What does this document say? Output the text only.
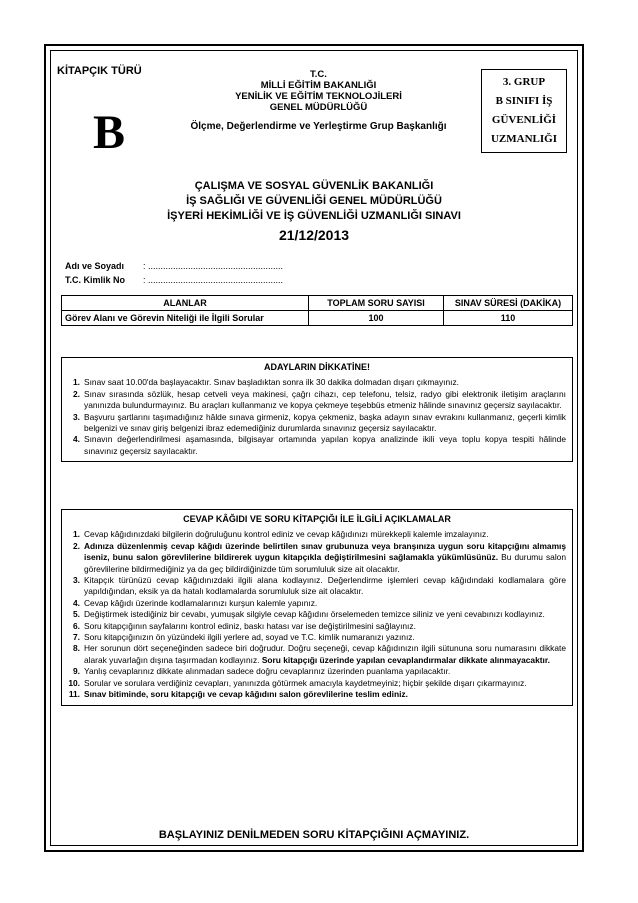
KİTAPÇIK TÜRÜ
B
T.C.
MİLLİ EĞİTİM BAKANLIĞI
YENİLİK VE EĞİTİM TEKNOLOJİLERİ
GENEL MÜDÜRLÜĞÜ
Ölçme, Değerlendirme ve Yerleştirme Grup Başkanlığı
3. GRUP
B SINIFI İŞ
GÜVENLİĞİ
UZMANLIĞI
ÇALIŞMA VE SOSYAL GÜVENLİK BAKANLIĞI
İŞ SAĞLIĞI VE GÜVENLİĞİ GENEL MÜDÜRLÜĞÜ
İŞYERİ HEKİMLİĞİ VE İŞ GÜVENLİĞİ UZMANLIĞI SINAVI
21/12/2013
Adı ve Soyadı	: ......................................................
T.C. Kimlik No	: ......................................................
ALANLAR	TOPLAM SORU SAYISI	SINAV SÜRESİ (DAKİKA)
Görev Alanı ve Görevin Niteliği ile İlgili Sorular	100	110
ADAYLARIN DİKKATİNE!
1. Sınav saat 10.00'da başlayacaktır. Sınav başladıktan sonra ilk 30 dakika dolmadan dışarı çıkmayınız.
2. Sınav sırasında sözlük, hesap cetveli veya makinesi, çağrı cihazı, cep telefonu, telsiz, radyo gibi elektronik iletişim araçlarını yanınızda bulundurmayınız. Bu araçları kullanmanız ve kopya çekmeye teşebbüs etmeniz hâlinde sınavınız geçersiz sayılacaktır.
3. Başvuru şartlarını taşımadığınız hâlde sınava girmeniz, kopya çekmeniz, başka adayın sınav evrakını kullanmanız, geçerli kimlik belgenizi ve sınav giriş belgenizi ibraz edemediğiniz durumlarda sınavınız geçersiz sayılacaktır.
4. Sınavın değerlendirilmesi aşamasında, bilgisayar ortamında yapılan kopya analizinde ikili veya toplu kopya tespiti hâlinde sınavınız geçersiz sayılacaktır.
CEVAP KÂĞIDI VE SORU KİTAPÇIĞI İLE İLGİLİ AÇIKLAMALAR
1. Cevap kâğıdınızdaki bilgilerin doğruluğunu kontrol ediniz ve cevap kâğıdınızı mürekkepli kalemle imzalayınız.
2. Adınıza düzenlenmiş cevap kâğıdı üzerinde belirtilen sınav grubunuza veya branşınıza uygun soru kitapçığını almamış iseniz, bunu salon görevlilerine bildirerek uygun kitapçıkla değiştirilmesini sağlamakla yükümlüsünüz. Bu durumu salon görevlilerine bildirmediğiniz ya da geç bildirdiğinizde tüm sorumluluk size ait olacaktır.
3. Kitapçık türünüzü cevap kâğıdınızdaki ilgili alana kodlayınız. Değerlendirme işlemleri cevap kâğıdındaki kodlamalara göre yapıldığından, eksik ya da hatalı kodlamalarda sorumluluk size ait olacaktır.
4. Cevap kâğıdı üzerinde kodlamalarınızı kurşun kalemle yapınız.
5. Değiştirmek istediğiniz bir cevabı, yumuşak silgiyle cevap kâğıdını örselemeden temizce siliniz ve yeni cevabınızı kodlayınız.
6. Soru kitapçığının sayfalarını kontrol ediniz, baskı hatası var ise değiştirilmesini sağlayınız.
7. Soru kitapçığınızın ön yüzündeki ilgili yerlere ad, soyad ve T.C. kimlik numaranızı yazınız.
8. Her sorunun dört seçeneğinden sadece biri doğrudur. Doğru seçeneği, cevap kâğıdınızın ilgili sütununa soru numarasını dikkate alarak yuvarlağın dışına taşırmadan kodlayınız. Soru kitapçığı üzerinde yapılan cevaplandırmalar dikkate alınmayacaktır.
9. Yanlış cevaplarınız dikkate alınmadan sadece doğru cevaplarınız üzerinden puanlama yapılacaktır.
10. Sorular ve sorulara verdiğiniz cevapları, yanınızda götürmek amacıyla kaydetmeyiniz; hiçbir şekilde dışarı çıkarmayınız.
11. Sınav bitiminde, soru kitapçığı ve cevap kâğıdını salon görevlilerine teslim ediniz.
BAŞLAYINIZ DENİLMEDEN SORU KİTAPÇIĞINI AÇMAYINIZ.
